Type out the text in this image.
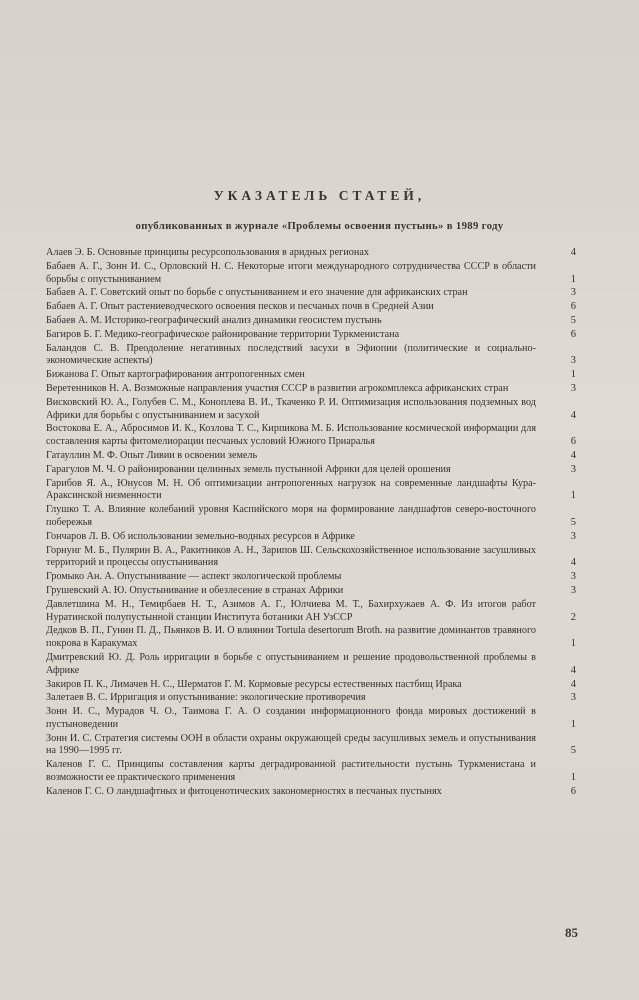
УКАЗАТЕЛЬ СТАТЕЙ,
опубликованных в журнале «Проблемы освоения пустынь» в 1989 году
Алаев Э. Б. Основные принципы ресурсопользования в аридных регионах	4
Бабаев А. Г., Зонн И. С., Орловский Н. С. Некоторые итоги международного сотрудничества СССР в области борьбы с опустыниванием	1
Бабаев А. Г. Советский опыт по борьбе с опустыниванием и его значение для африканских стран	3
Бабаев А. Г. Опыт растениеводческого освоения песков и песчаных почв в Средней Азии	6
Бабаев А. М. Историко-географический анализ динамики геосистем пустынь	5
Багиров Б. Г. Медико-географическое районирование территории Туркменистана	6
Баландов С. В. Преодоление негативных последствий засухи в Эфиопии (политические и социально-экономические аспекты)	3
Бижанова Г. Опыт картографирования антропогенных смен	1
Веретенников Н. А. Возможные направления участия СССР в развитии агрокомплекса африканских стран	3
Висковский Ю. А., Голубев С. М., Коноплева В. И., Ткаченко Р. И. Оптимизация использования подземных вод Африки для борьбы с опустыниванием и засухой	4
Востокова Е. А., Абросимов И. К., Козлова Т. С., Кирпикова М. Б. Использование космической информации для составления карты фитомелиорации песчаных условий Южного Приаралья	6
Гатауллин М. Ф. Опыт Ливии в освоении земель	4
Гарагулов М. Ч. О районировании целинных земель пустынной Африки для целей орошения	3
Гарибов Я. А., Юнусов М. Н. Об оптимизации антропогенных нагрузок на современные ландшафты Кура-Араксинской низменности	1
Глушко Т. А. Влияние колебаний уровня Каспийского моря на формирование ландшафтов северо-восточного побережья	5
Гончаров Л. В. Об использовании земельно-водных ресурсов в Африке	3
Горнунг М. Б., Пулярин В. А., Ракитников А. Н., Зарипов Ш. Сельскохозяйственное использование засушливых территорий и процессы опустынивания	4
Громыко Ан. А. Опустынивание — аспект экологической проблемы	3
Грушевский А. Ю. Опустынивание и обезлесение в странах Африки	3
Давлетшина М. Н., Темирбаев Н. Т., Азимов А. Г., Юлчиева М. Т., Бахирхужаев А. Ф. Из итогов работ Нуратинской полупустынной станции Института ботаники АН УзССР	2
Дедков В. П., Гунин П. Д., Пьянков В. И. О влиянии Tortula desertorum Broth. на развитие доминантов травяного покрова в Каракумах	1
Дмитревский Ю. Д. Роль ирригации в борьбе с опустыниванием и решение продовольственной проблемы в Африке	4
Закиров П. К., Лимачев Н. С., Шерматов Г. М. Кормовые ресурсы естественных пастбищ Ирака	4
Залетаев В. С. Ирригация и опустынивание: экологические противоречия	3
Зонн И. С., Мурадов Ч. О., Таимова Г. А. О создании информационного фонда мировых достижений в пустыноведении	1
Зонн И. С. Стратегия системы ООН в области охраны окружающей среды засушливых земель и опустынивания на 1990—1995 гг.	5
Каленов Г. С. Принципы составления карты деградированной растительности пустынь Туркменистана и возможности ее практического применения	1
Каленов Г. С. О ландшафтных и фитоценотических закономерностях в песчаных пустынях	6
85
